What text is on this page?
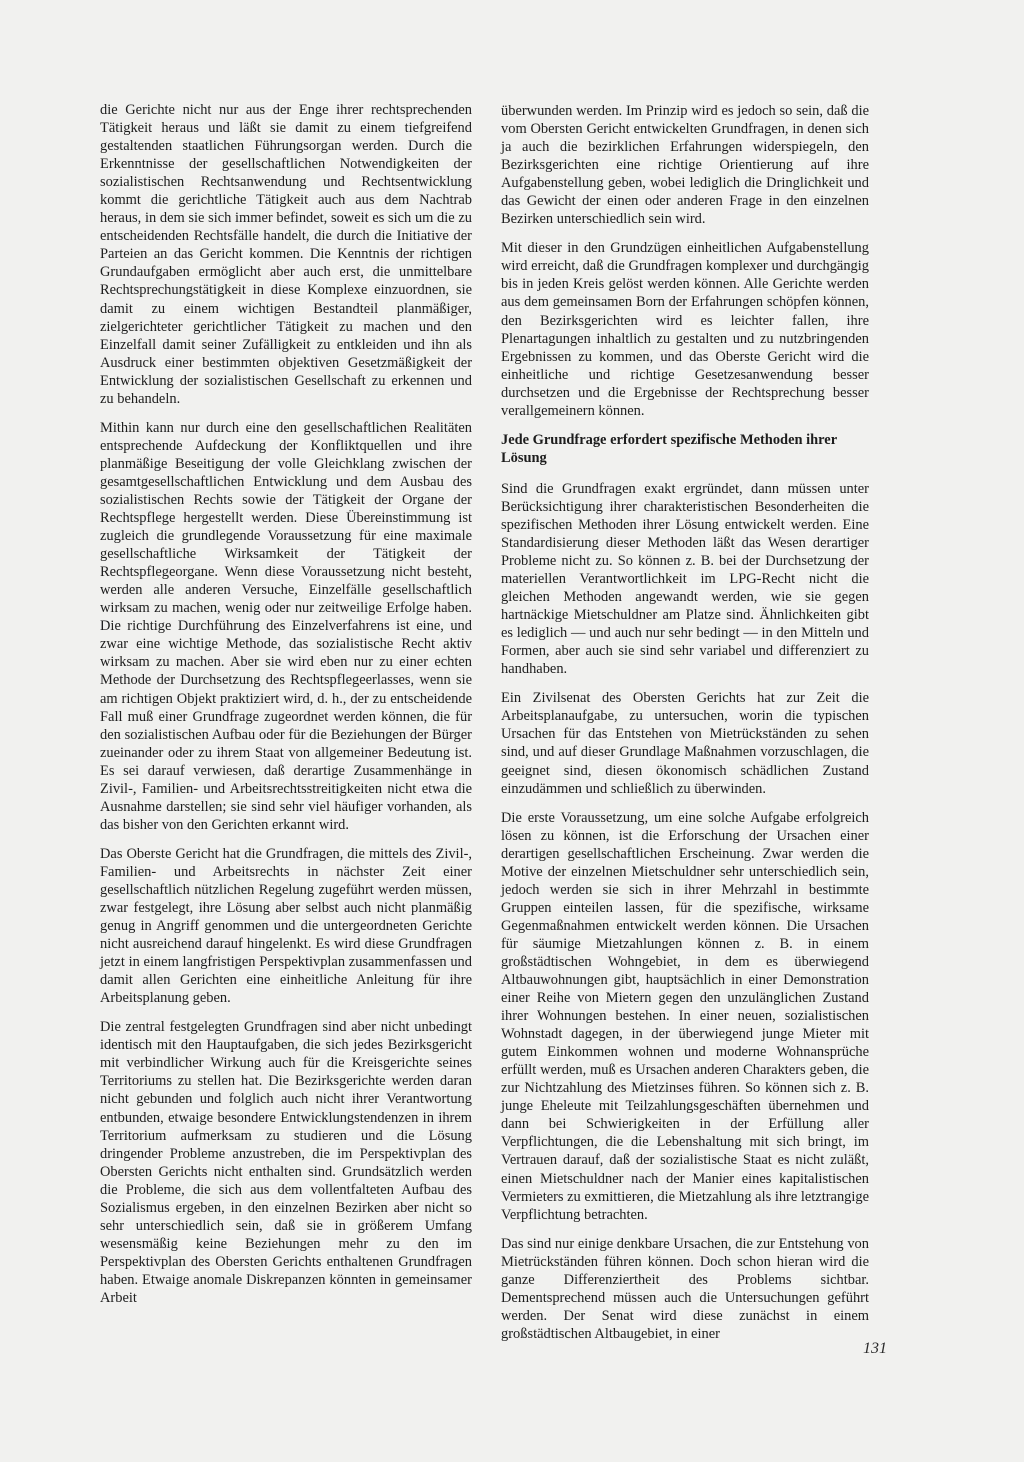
die Gerichte nicht nur aus der Enge ihrer rechtsprechenden Tätigkeit heraus und läßt sie damit zu einem tiefgreifend gestaltenden staatlichen Führungsorgan werden. Durch die Erkenntnisse der gesellschaftlichen Notwendigkeiten der sozialistischen Rechtsanwendung und Rechtsentwicklung kommt die gerichtliche Tätigkeit auch aus dem Nachtrab heraus, in dem sie sich immer befindet, soweit es sich um die zu entscheidenden Rechtsfälle handelt, die durch die Initiative der Parteien an das Gericht kommen. Die Kenntnis der richtigen Grundaufgaben ermöglicht aber auch erst, die unmittelbare Rechtsprechungstätigkeit in diese Komplexe einzuordnen, sie damit zu einem wichtigen Bestandteil planmäßiger, zielgerichteter gerichtlicher Tätigkeit zu machen und den Einzelfall damit seiner Zufälligkeit zu entkleiden und ihn als Ausdruck einer bestimmten objektiven Gesetzmäßigkeit der Entwicklung der sozialistischen Gesellschaft zu erkennen und zu behandeln.

Mithin kann nur durch eine den gesellschaftlichen Realitäten entsprechende Aufdeckung der Konfliktquellen und ihre planmäßige Beseitigung der volle Gleichklang zwischen der gesamtgesellschaftlichen Entwicklung und dem Ausbau des sozialistischen Rechts sowie der Tätigkeit der Organe der Rechtspflege hergestellt werden. Diese Übereinstimmung ist zugleich die grundlegende Voraussetzung für eine maximale gesellschaftliche Wirksamkeit der Tätigkeit der Rechtspflegeorgane. Wenn diese Voraussetzung nicht besteht, werden alle anderen Versuche, Einzelfälle gesellschaftlich wirksam zu machen, wenig oder nur zeitweilige Erfolge haben. Die richtige Durchführung des Einzelverfahrens ist eine, und zwar eine wichtige Methode, das sozialistische Recht aktiv wirksam zu machen. Aber sie wird eben nur zu einer echten Methode der Durchsetzung des Rechtspflegeerlasses, wenn sie am richtigen Objekt praktiziert wird, d. h., der zu entscheidende Fall muß einer Grundfrage zugeordnet werden können, die für den sozialistischen Aufbau oder für die Beziehungen der Bürger zueinander oder zu ihrem Staat von allgemeiner Bedeutung ist. Es sei darauf verwiesen, daß derartige Zusammenhänge in Zivil-, Familien- und Arbeitsrechtsstreitigkeiten nicht etwa die Ausnahme darstellen; sie sind sehr viel häufiger vorhanden, als das bisher von den Gerichten erkannt wird.

Das Oberste Gericht hat die Grundfragen, die mittels des Zivil-, Familien- und Arbeitsrechts in nächster Zeit einer gesellschaftlich nützlichen Regelung zugeführt werden müssen, zwar festgelegt, ihre Lösung aber selbst auch nicht planmäßig genug in Angriff genommen und die untergeordneten Gerichte nicht ausreichend darauf hingelenkt. Es wird diese Grundfragen jetzt in einem langfristigen Perspektivplan zusammenfassen und damit allen Gerichten eine einheitliche Anleitung für ihre Arbeitsplanung geben.

Die zentral festgelegten Grundfragen sind aber nicht unbedingt identisch mit den Hauptaufgaben, die sich jedes Bezirksgericht mit verbindlicher Wirkung auch für die Kreisgerichte seines Territoriums zu stellen hat. Die Bezirksgerichte werden daran nicht gebunden und folglich auch nicht ihrer Verantwortung entbunden, etwaige besondere Entwicklungstendenzen in ihrem Territorium aufmerksam zu studieren und die Lösung dringender Probleme anzustreben, die im Perspektivplan des Obersten Gerichts nicht enthalten sind. Grundsätzlich werden die Probleme, die sich aus dem vollentfalteten Aufbau des Sozialismus ergeben, in den einzelnen Bezirken aber nicht so sehr unterschiedlich sein, daß sie in größerem Umfang wesensmäßig keine Beziehungen mehr zu den im Perspektivplan des Obersten Gerichts enthaltenen Grundfragen haben. Etwaige anomale Diskrepanzen könnten in gemeinsamer Arbeit

überwunden werden. Im Prinzip wird es jedoch so sein, daß die vom Obersten Gericht entwickelten Grundfragen, in denen sich ja auch die bezirklichen Erfahrungen widerspiegeln, den Bezirksgerichten eine richtige Orientierung auf ihre Aufgabenstellung geben, wobei lediglich die Dringlichkeit und das Gewicht der einen oder anderen Frage in den einzelnen Bezirken unterschiedlich sein wird.

Mit dieser in den Grundzügen einheitlichen Aufgabenstellung wird erreicht, daß die Grundfragen komplexer und durchgängig bis in jeden Kreis gelöst werden können. Alle Gerichte werden aus dem gemeinsamen Born der Erfahrungen schöpfen können, den Bezirksgerichten wird es leichter fallen, ihre Plenartagungen inhaltlich zu gestalten und zu nutzbringenden Ergebnissen zu kommen, und das Oberste Gericht wird die einheitliche und richtige Gesetzesanwendung besser durchsetzen und die Ergebnisse der Rechtsprechung besser verallgemeinern können.

Jede Grundfrage erfordert spezifische Methoden ihrer Lösung

Sind die Grundfragen exakt ergründet, dann müssen unter Berücksichtigung ihrer charakteristischen Besonderheiten die spezifischen Methoden ihrer Lösung entwickelt werden. Eine Standardisierung dieser Methoden läßt das Wesen derartiger Probleme nicht zu. So können z. B. bei der Durchsetzung der materiellen Verantwortlichkeit im LPG-Recht nicht die gleichen Methoden angewandt werden, wie sie gegen hartnäckige Mietschuldner am Platze sind. Ähnlichkeiten gibt es lediglich — und auch nur sehr bedingt — in den Mitteln und Formen, aber auch sie sind sehr variabel und differenziert zu handhaben.

Ein Zivilsenat des Obersten Gerichts hat zur Zeit die Arbeitsplanaufgabe, zu untersuchen, worin die typischen Ursachen für das Entstehen von Mietrückständen zu sehen sind, und auf dieser Grundlage Maßnahmen vorzuschlagen, die geeignet sind, diesen ökonomisch schädlichen Zustand einzudämmen und schließlich zu überwinden.

Die erste Voraussetzung, um eine solche Aufgabe erfolgreich lösen zu können, ist die Erforschung der Ursachen einer derartigen gesellschaftlichen Erscheinung. Zwar werden die Motive der einzelnen Mietschuldner sehr unterschiedlich sein, jedoch werden sie sich in ihrer Mehrzahl in bestimmte Gruppen einteilen lassen, für die spezifische, wirksame Gegenmaßnahmen entwickelt werden können. Die Ursachen für säumige Mietzahlungen können z. B. in einem großstädtischen Wohngebiet, in dem es überwiegend Altbauwohnungen gibt, hauptsächlich in einer Demonstration einer Reihe von Mietern gegen den unzulänglichen Zustand ihrer Wohnungen bestehen. In einer neuen, sozialistischen Wohnstadt dagegen, in der überwiegend junge Mieter mit gutem Einkommen wohnen und moderne Wohnansprüche erfüllt werden, muß es Ursachen anderen Charakters geben, die zur Nichtzahlung des Mietzinses führen. So können sich z. B. junge Eheleute mit Teilzahlungsgeschäften übernehmen und dann bei Schwierigkeiten in der Erfüllung aller Verpflichtungen, die die Lebenshaltung mit sich bringt, im Vertrauen darauf, daß der sozialistische Staat es nicht zuläßt, einen Mietschuldner nach der Manier eines kapitalistischen Vermieters zu exmittieren, die Mietzahlung als ihre letztrangige Verpflichtung betrachten.

Das sind nur einige denkbare Ursachen, die zur Entstehung von Mietrückständen führen können. Doch schon hieran wird die ganze Differenziertheit des Problems sichtbar. Dementsprechend müssen auch die Untersuchungen geführt werden. Der Senat wird diese zunächst in einem großstädtischen Altbaugebiet, in einer

131
